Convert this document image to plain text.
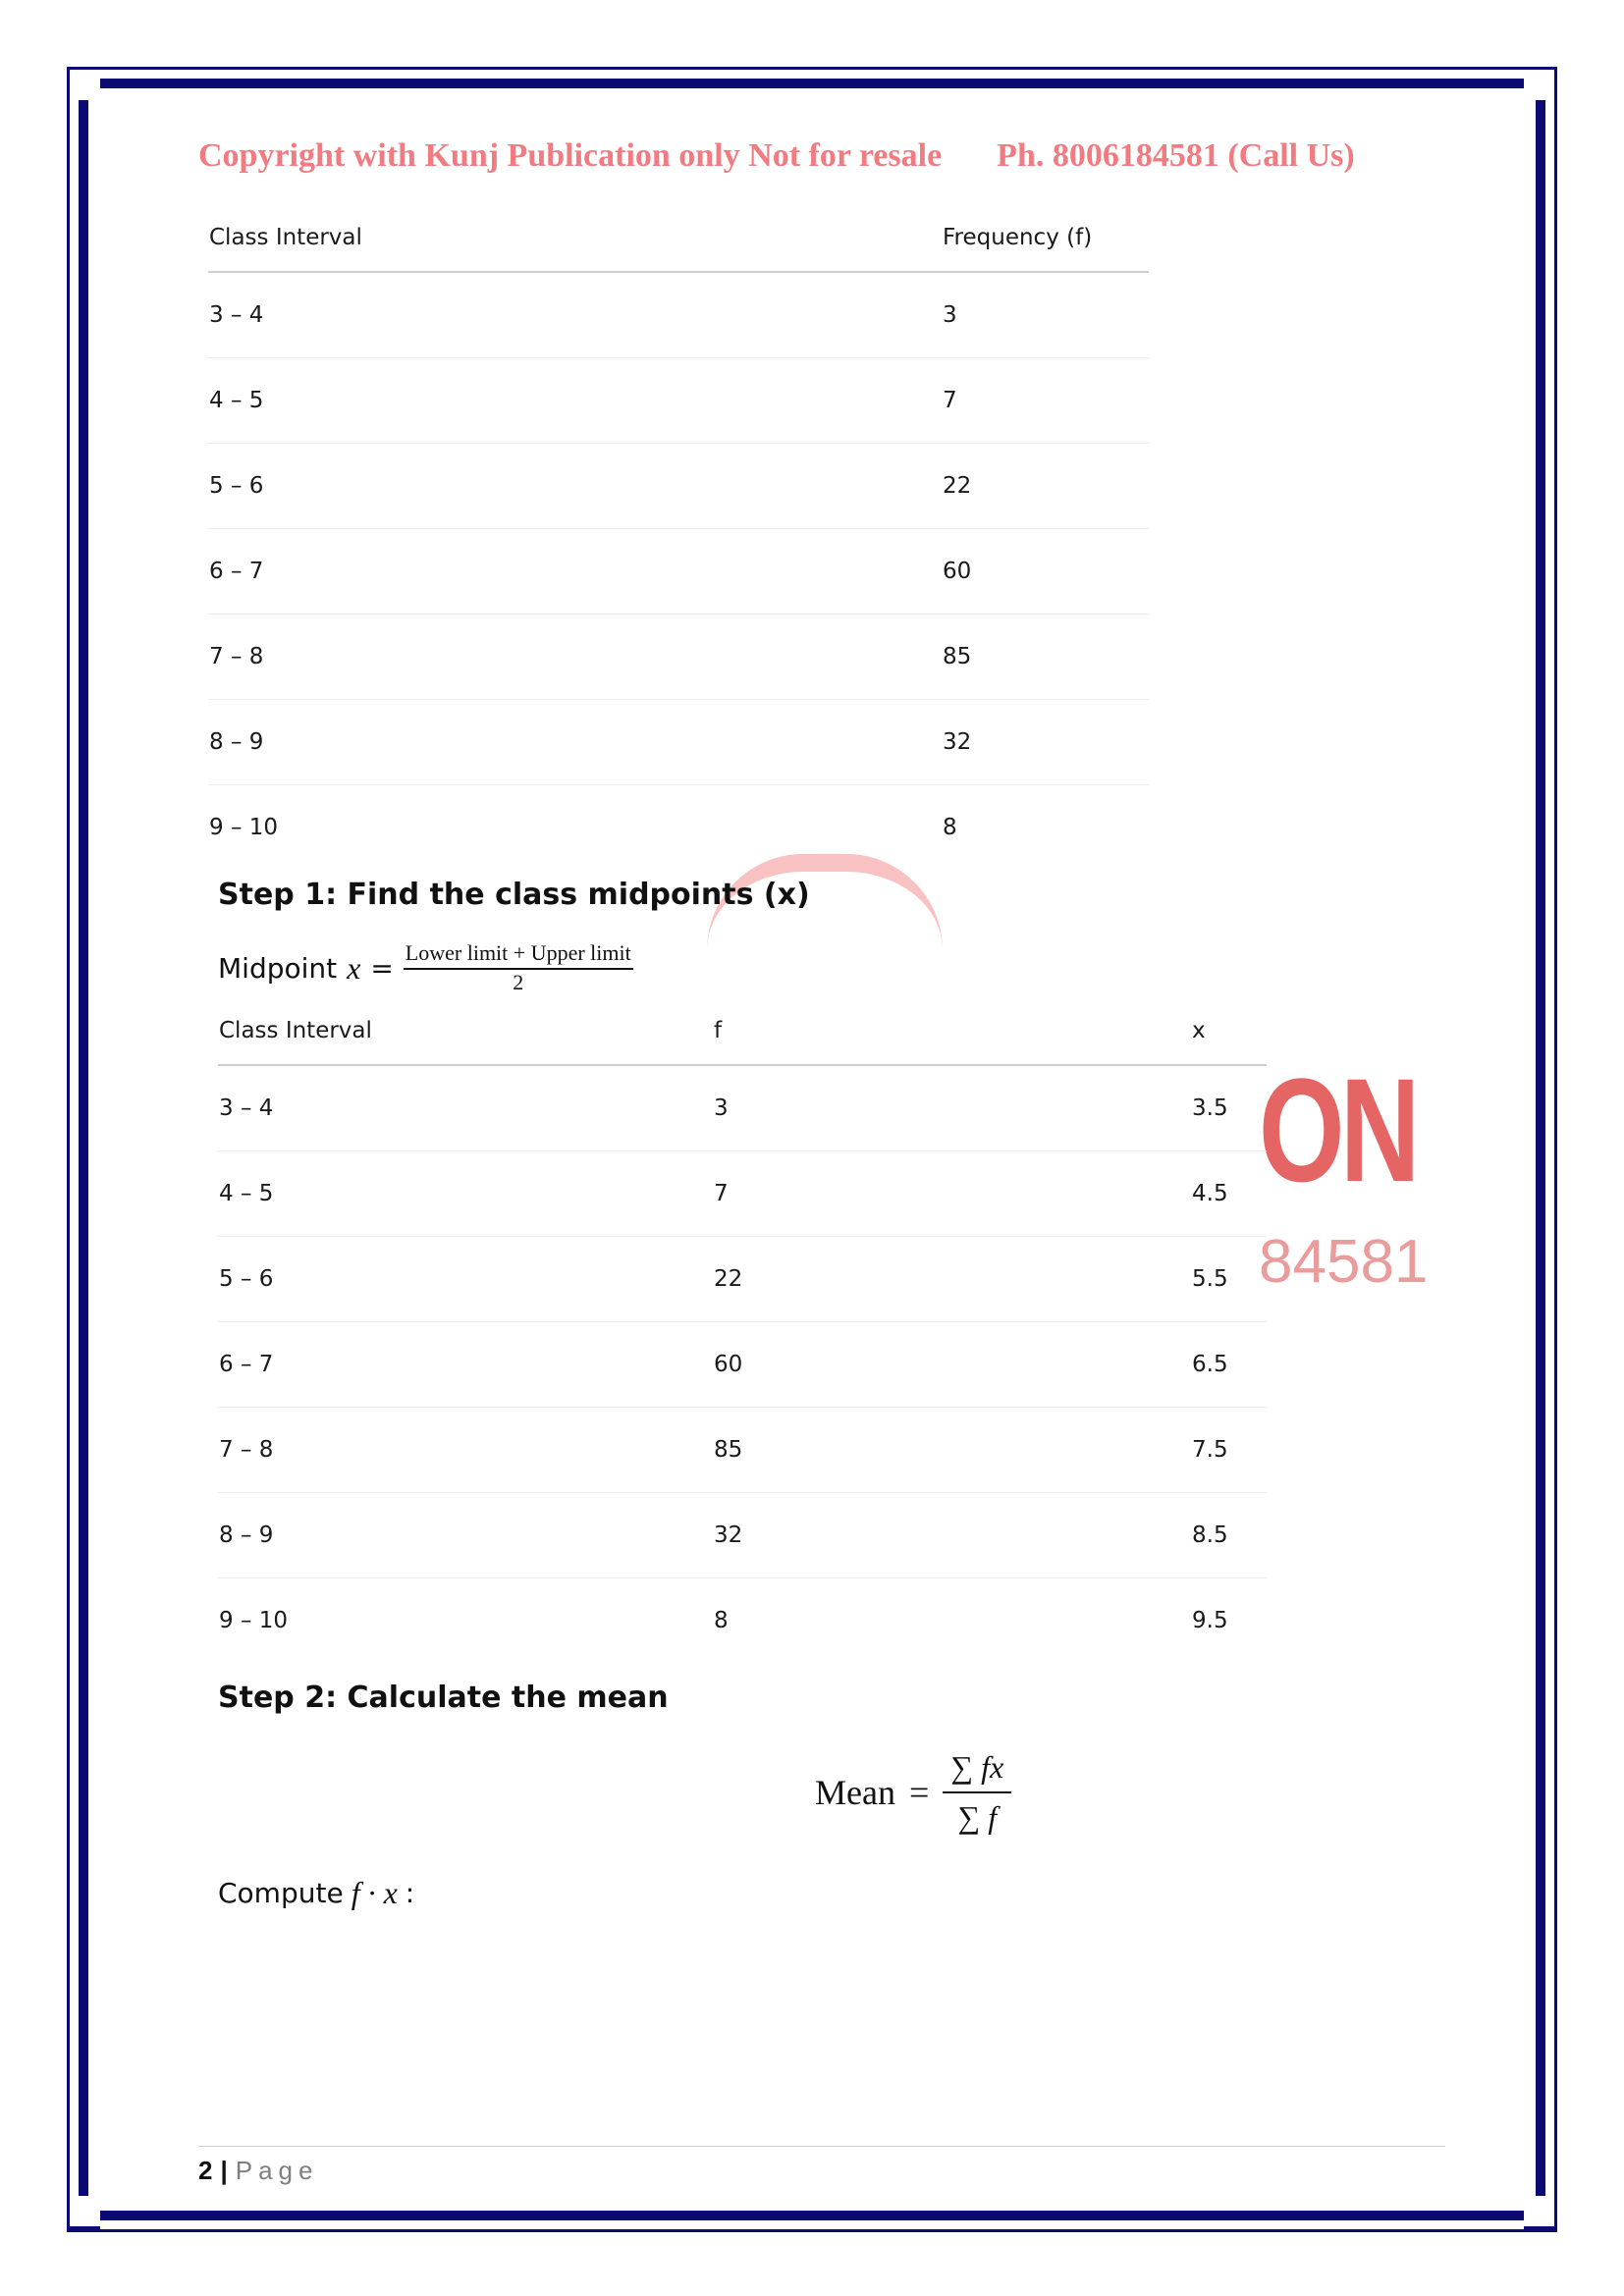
Copyright with Kunj Publication only Not for resale Ph. 8006184581 (Call Us)
ON
84581
Class Interval	Frequency (f)
3 – 4	3
4 – 5	7
5 – 6	22
6 – 7	60
7 – 8	85
8 – 9	32
9 – 10	8
Step 1: Find the class midpoints (x)
Midpoint $x = \frac{\text{Lower limit + Upper limit}}{2}$
Class Interval	f	x
3 – 4	3	3.5
4 – 5	7	4.5
5 – 6	22	5.5
6 – 7	60	6.5
7 – 8	85	7.5
8 – 9	32	8.5
9 – 10	8	9.5
Step 2: Calculate the mean
Mean = $\frac{\sum fx}{\sum f}$
Compute f · x :
2 | Page
